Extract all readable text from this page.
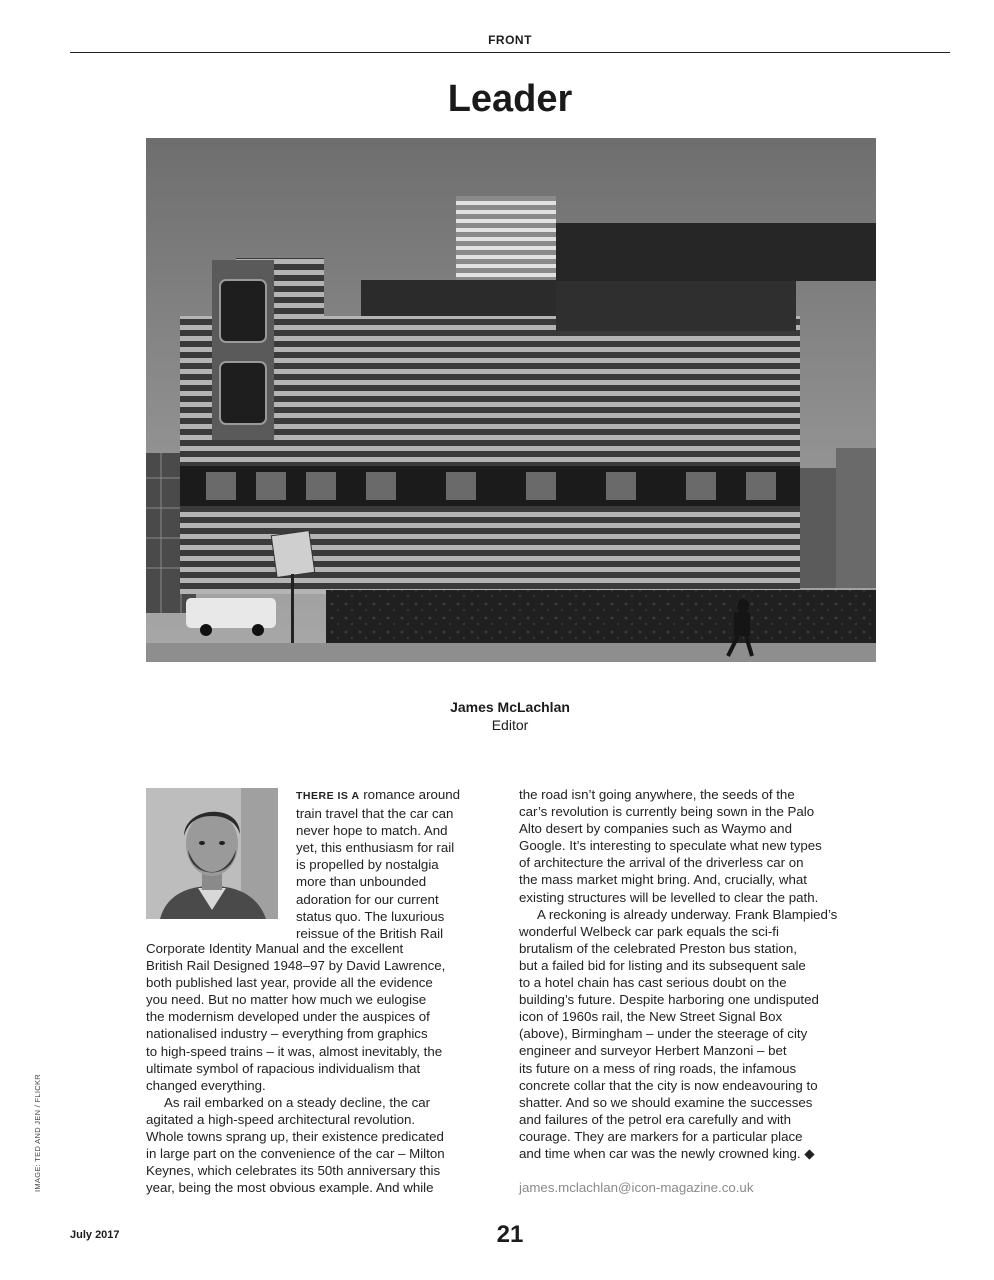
FRONT
Leader
James McLachlan
Editor

THERE IS A romance around

train travel that the car can

never hope to match. And

yet, this enthusiasm for rail

is propelled by nostalgia

more than unbounded

adoration for our current

status quo. The luxurious

reissue of the British Rail

Corporate Identity Manual and the excellent

British Rail Designed 1948–97 by David Lawrence,

both published last year, provide all the evidence

you need. But no matter how much we eulogise

the modernism developed under the auspices of

nationalised industry – everything from graphics

to high-speed trains – it was, almost inevitably, the

ultimate symbol of rapacious individualism that

changed everything.

As rail embarked on a steady decline, the car

agitated a high-speed architectural revolution.

Whole towns sprang up, their existence predicated

in large part on the convenience of the car – Milton

Keynes, which celebrates its 50th anniversary this

year, being the most obvious example. And while

the road isn’t going anywhere, the seeds of the

car’s revolution is currently being sown in the Palo

Alto desert by companies such as Waymo and

Google. It’s interesting to speculate what new types

of architecture the arrival of the driverless car on

the mass market might bring. And, crucially, what

existing structures will be levelled to clear the path.

A reckoning is already underway. Frank Blampied’s

wonderful Welbeck car park equals the sci-fi

brutalism of the celebrated Preston bus station,

but a failed bid for listing and its subsequent sale

to a hotel chain has cast serious doubt on the

building’s future. Despite harboring one undisputed

icon of 1960s rail, the New Street Signal Box

(above), Birmingham – under the steerage of city

engineer and surveyor Herbert Manzoni – bet

its future on a mess of ring roads, the infamous

concrete collar that the city is now endeavouring to

shatter. And so we should examine the successes

and failures of the petrol era carefully and with

courage. They are markers for a particular place

and time when car was the newly crowned king. ◆

james.mclachlan@icon-magazine.co.uk
IMAGE: TED AND JEN / FLICKR
July 2017	21
